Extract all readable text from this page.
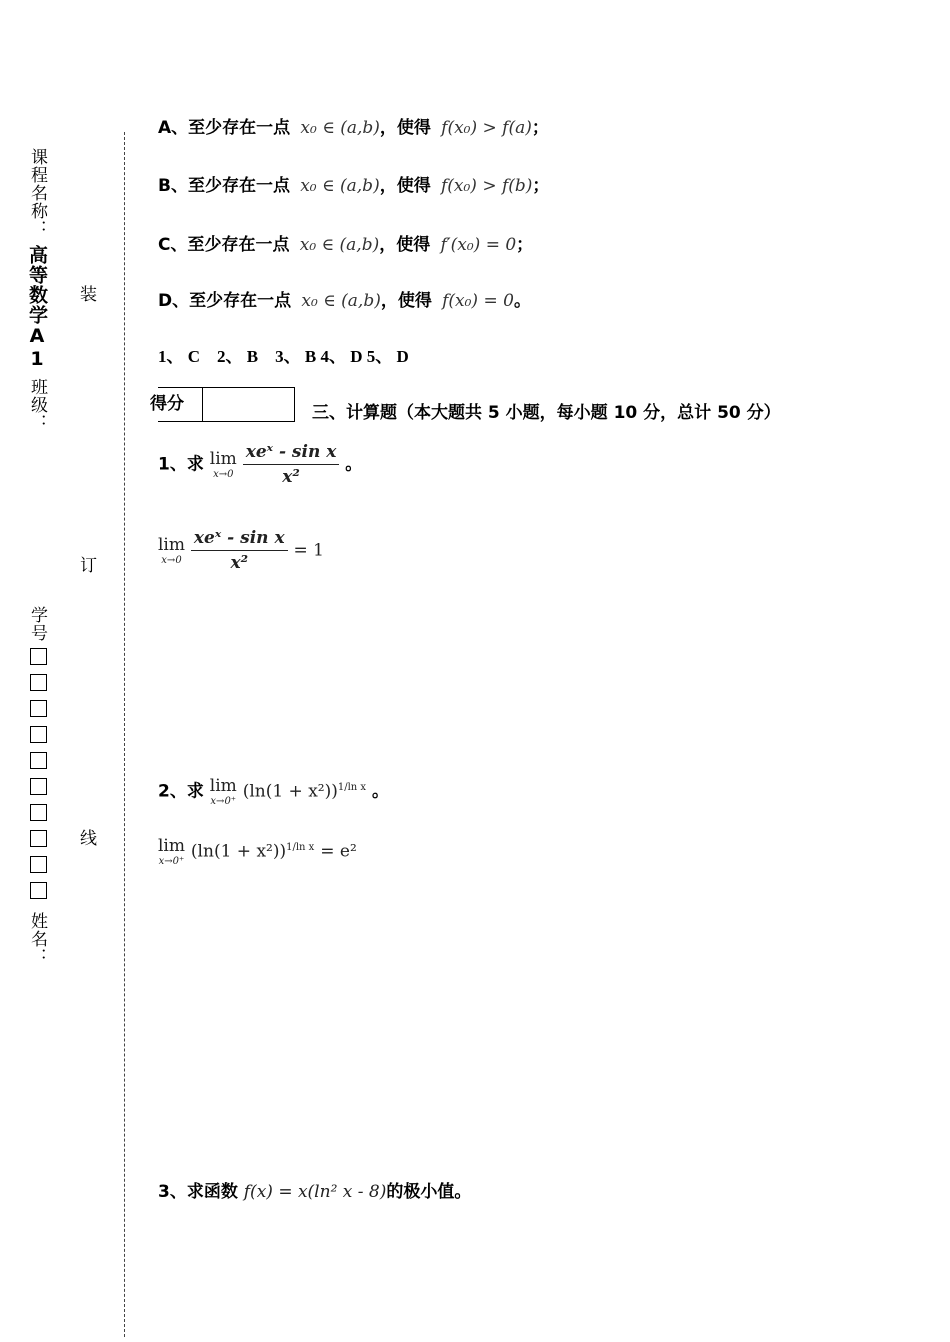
课程名称：
高等数学A1
班级：
学号
姓名：
装
订
线
A、至少存在一点 x₀ ∈ (a,b)，使得 f(x₀) > f(a)；
B、至少存在一点 x₀ ∈ (a,b)，使得 f(x₀) > f(b)；
C、至少存在一点 x₀ ∈ (a,b)，使得 f′(x₀) = 0；
D、至少存在一点 x₀ ∈ (a,b)，使得 f(x₀) = 0。
1、 C　2、 B　3、 B 4、 D 5、 D
得分	三、计算题（本大题共 5 小题，每小题 10 分，总计 50 分）
1、求 lim
x→0
$\frac{\text{xeˣ - sin x}}{\text{x²}}$ 。
lim
x→0
$\frac{\text{xeˣ - sin x}}{\text{x²}} = 1$
2、求 lim
x→0⁺ $(\ln(1 + x^2))^{1/ln x}$ 。
lim
x→0⁺ $(\ln(1 + x^2))^{1/ln x} = e^2$
3、求函数 f(x) = x(ln² x - 8)的极小值。
